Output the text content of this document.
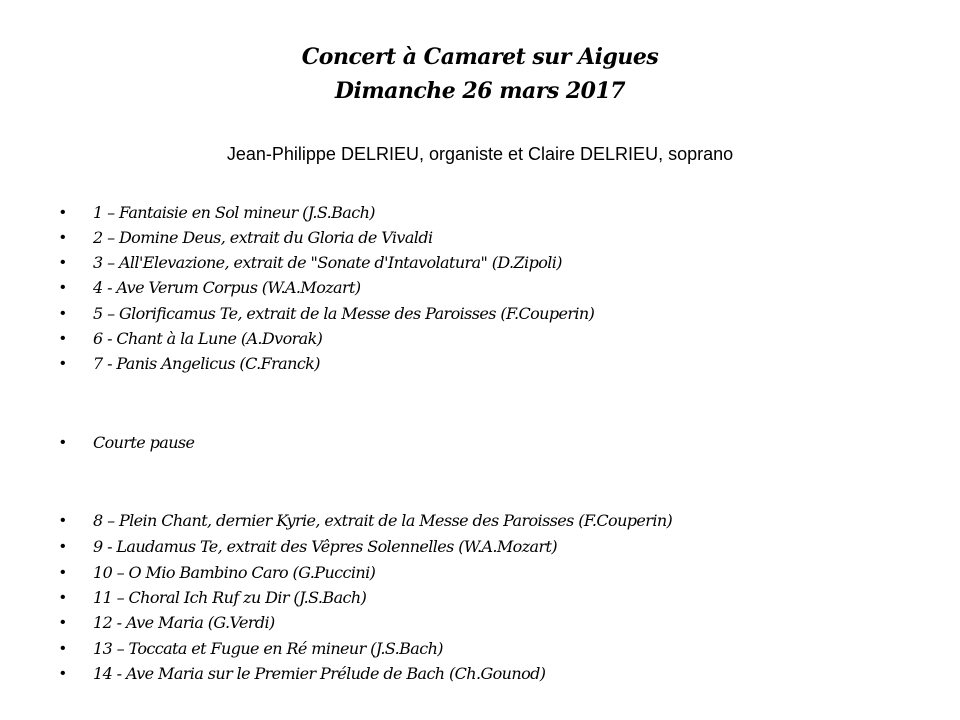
Concert à Camaret sur Aigues
Dimanche 26 mars 2017
Jean-Philippe DELRIEU, organiste et Claire DELRIEU, soprano
•	1 – Fantaisie en Sol mineur (J.S.Bach)
•	2 – Domine Deus, extrait du Gloria de Vivaldi
•	3 – All'Elevazione, extrait de "Sonate d'Intavolatura" (D.Zipoli)
•	4 - Ave Verum Corpus (W.A.Mozart)
•	5 – Glorificamus Te, extrait de la Messe des Paroisses (F.Couperin)
•	6 - Chant à la Lune (A.Dvorak)
•	7 - Panis Angelicus (C.Franck)
•	Courte pause
•	8 – Plein Chant, dernier Kyrie, extrait de la Messe des Paroisses (F.Couperin)
•	9 - Laudamus Te, extrait des Vêpres Solennelles (W.A.Mozart)
•	10 – O Mio Bambino Caro (G.Puccini)
•	11 – Choral Ich Ruf zu Dir (J.S.Bach)
•	12 - Ave Maria (G.Verdi)
•	13 – Toccata et Fugue en Ré mineur (J.S.Bach)
•	14 - Ave Maria sur le Premier Prélude de Bach (Ch.Gounod)
